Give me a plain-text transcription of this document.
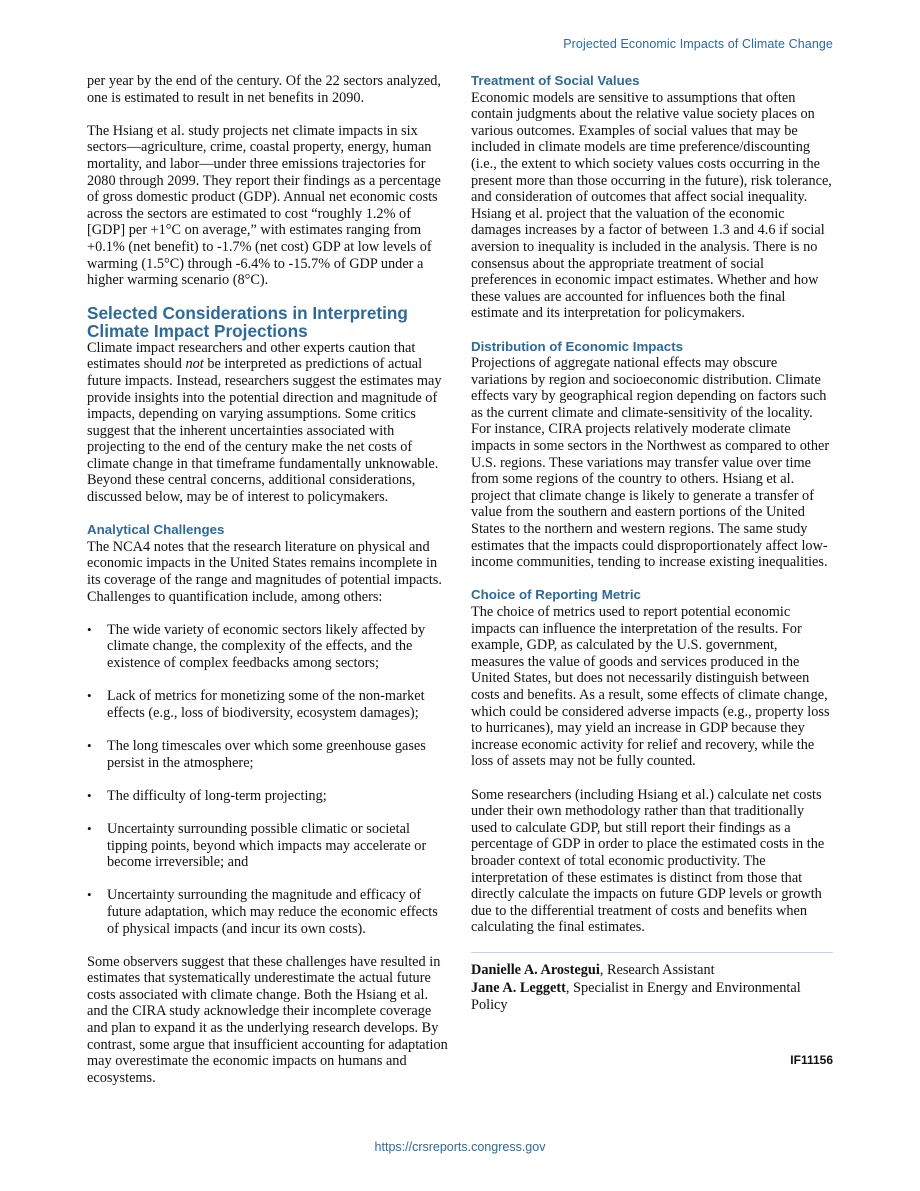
Projected Economic Impacts of Climate Change

per year by the end of the century. Of the 22 sectors analyzed, one is estimated to result in net benefits in 2090.

The Hsiang et al. study projects net climate impacts in six sectors—agriculture, crime, coastal property, energy, human mortality, and labor—under three emissions trajectories for 2080 through 2099. They report their findings as a percentage of gross domestic product (GDP). Annual net economic costs across the sectors are estimated to cost “roughly 1.2% of [GDP] per +1°C on average,” with estimates ranging from +0.1% (net benefit) to -1.7% (net cost) GDP at low levels of warming (1.5°C) through -6.4% to -15.7% of GDP under a higher warming scenario (8°C).

Selected Considerations in Interpreting Climate Impact Projections

Climate impact researchers and other experts caution that estimates should not be interpreted as predictions of actual future impacts. Instead, researchers suggest the estimates may provide insights into the potential direction and magnitude of impacts, depending on varying assumptions. Some critics suggest that the inherent uncertainties associated with projecting to the end of the century make the net costs of climate change in that timeframe fundamentally unknowable. Beyond these central concerns, additional considerations, discussed below, may be of interest to policymakers.

Analytical Challenges

The NCA4 notes that the research literature on physical and economic impacts in the United States remains incomplete in its coverage of the range and magnitudes of potential impacts. Challenges to quantification include, among others:

•	The wide variety of economic sectors likely affected by climate change, the complexity of the effects, and the existence of complex feedbacks among sectors;
•	Lack of metrics for monetizing some of the non-market effects (e.g., loss of biodiversity, ecosystem damages);
•	The long timescales over which some greenhouse gases persist in the atmosphere;
•	The difficulty of long-term projecting;
•	Uncertainty surrounding possible climatic or societal tipping points, beyond which impacts may accelerate or become irreversible; and
•	Uncertainty surrounding the magnitude and efficacy of future adaptation, which may reduce the economic effects of physical impacts (and incur its own costs).

Some observers suggest that these challenges have resulted in estimates that systematically underestimate the actual future costs associated with climate change. Both the Hsiang et al. and the CIRA study acknowledge their incomplete coverage and plan to expand it as the underlying research develops. By contrast, some argue that insufficient accounting for adaptation may overestimate the economic impacts on humans and ecosystems.

Treatment of Social Values

Economic models are sensitive to assumptions that often contain judgments about the relative value society places on various outcomes. Examples of social values that may be included in climate models are time preference/discounting (i.e., the extent to which society values costs occurring in the present more than those occurring in the future), risk tolerance, and consideration of outcomes that affect social inequality. Hsiang et al. project that the valuation of the economic damages increases by a factor of between 1.3 and 4.6 if social aversion to inequality is included in the analysis. There is no consensus about the appropriate treatment of social preferences in economic impact estimates. Whether and how these values are accounted for influences both the final estimate and its interpretation for policymakers.

Distribution of Economic Impacts

Projections of aggregate national effects may obscure variations by region and socioeconomic distribution. Climate effects vary by geographical region depending on factors such as the current climate and climate-sensitivity of the locality. For instance, CIRA projects relatively moderate climate impacts in some sectors in the Northwest as compared to other U.S. regions. These variations may transfer value over time from some regions of the country to others. Hsiang et al. project that climate change is likely to generate a transfer of value from the southern and eastern portions of the United States to the northern and western regions. The same study estimates that the impacts could disproportionately affect low-income communities, tending to increase existing inequalities.

Choice of Reporting Metric

The choice of metrics used to report potential economic impacts can influence the interpretation of the results. For example, GDP, as calculated by the U.S. government, measures the value of goods and services produced in the United States, but does not necessarily distinguish between costs and benefits. As a result, some effects of climate change, which could be considered adverse impacts (e.g., property loss to hurricanes), may yield an increase in GDP because they increase economic activity for relief and recovery, while the loss of assets may not be fully counted.

Some researchers (including Hsiang et al.) calculate net costs under their own methodology rather than that traditionally used to calculate GDP, but still report their findings as a percentage of GDP in order to place the estimated costs in the broader context of total economic productivity. The interpretation of these estimates is distinct from those that directly calculate the impacts on future GDP levels or growth due to the differential treatment of costs and benefits when calculating the final estimates.

Danielle A. Arostegui, Research Assistant

Jane A. Leggett, Specialist in Energy and Environmental Policy

IF11156
https://crsreports.congress.gov
